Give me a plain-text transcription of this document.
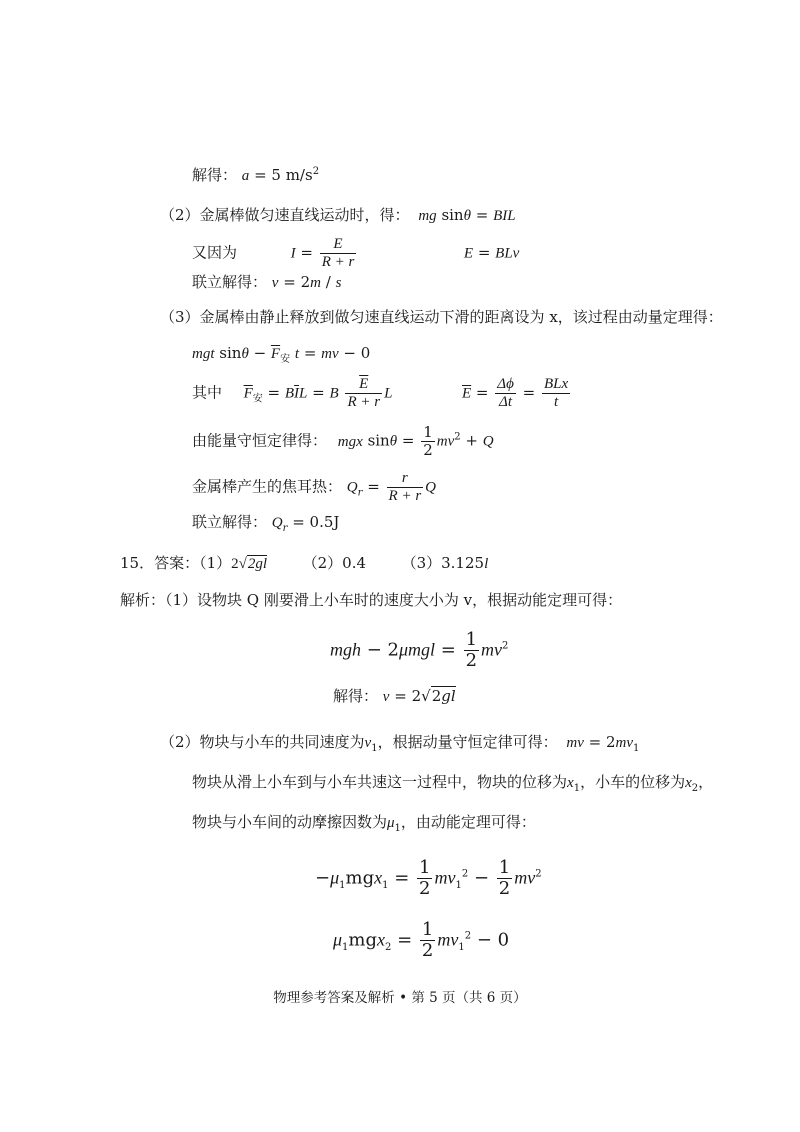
解得： a = 5 $m/s^2$
（2）金属棒做匀速直线运动时，得： mg sinθ = BIL
又因为	$I = \frac{E}{R + r}$	E = BLv
联立解得： v = 2m / s
（3）金属棒由静止释放到做匀速直线运动下滑的距离设为 x，该过程由动量定理得：
mgt $\sin\theta - \overline{F}_安$ t = mv − 0
其中 $\overline{F}_安 = B\overline{I}L = B \frac{\overline{E}}{R + r}$ L	$\overline{E} = \frac{\Delta\phi}{\Delta t} = \frac{\text{BLx}}{t}$
由能量守恒定律得： mgx $\sin\theta = \frac{1}{2} mv^2 + Q$
金属棒产生的焦耳热： $Q_r = \frac{r}{R + r}$ Q
联立解得： $Q_r = 0.5J$
15．答案：（1）2√2gl （2）0.4 （3）3.125l
解析：（1）设物块 Q 刚要滑上小车时的速度大小为 v，根据动能定理可得：
mgh − $2\mu mgl = \frac{1}{2} mv^2$
解得： v = 2√2gl
（2）物块与小车的共同速度为$v_1$，根据动量守恒定律可得： mv = $2mv_1$
物块从滑上小车到与小车共速这一过程中，物块的位移为$x_1$，小车的位移为$x_2$，
物块与小车间的动摩擦因数为$\mu_1$，由动能定理可得：
$-\mu_1mgx_1 = \frac{1}{2} mv_1^2 - \frac{1}{2} mv^2$
$\mu_1mgx_2 = \frac{1}{2} mv_1^2 - 0$
物理参考答案及解析 • 第 5 页（共 6 页）
